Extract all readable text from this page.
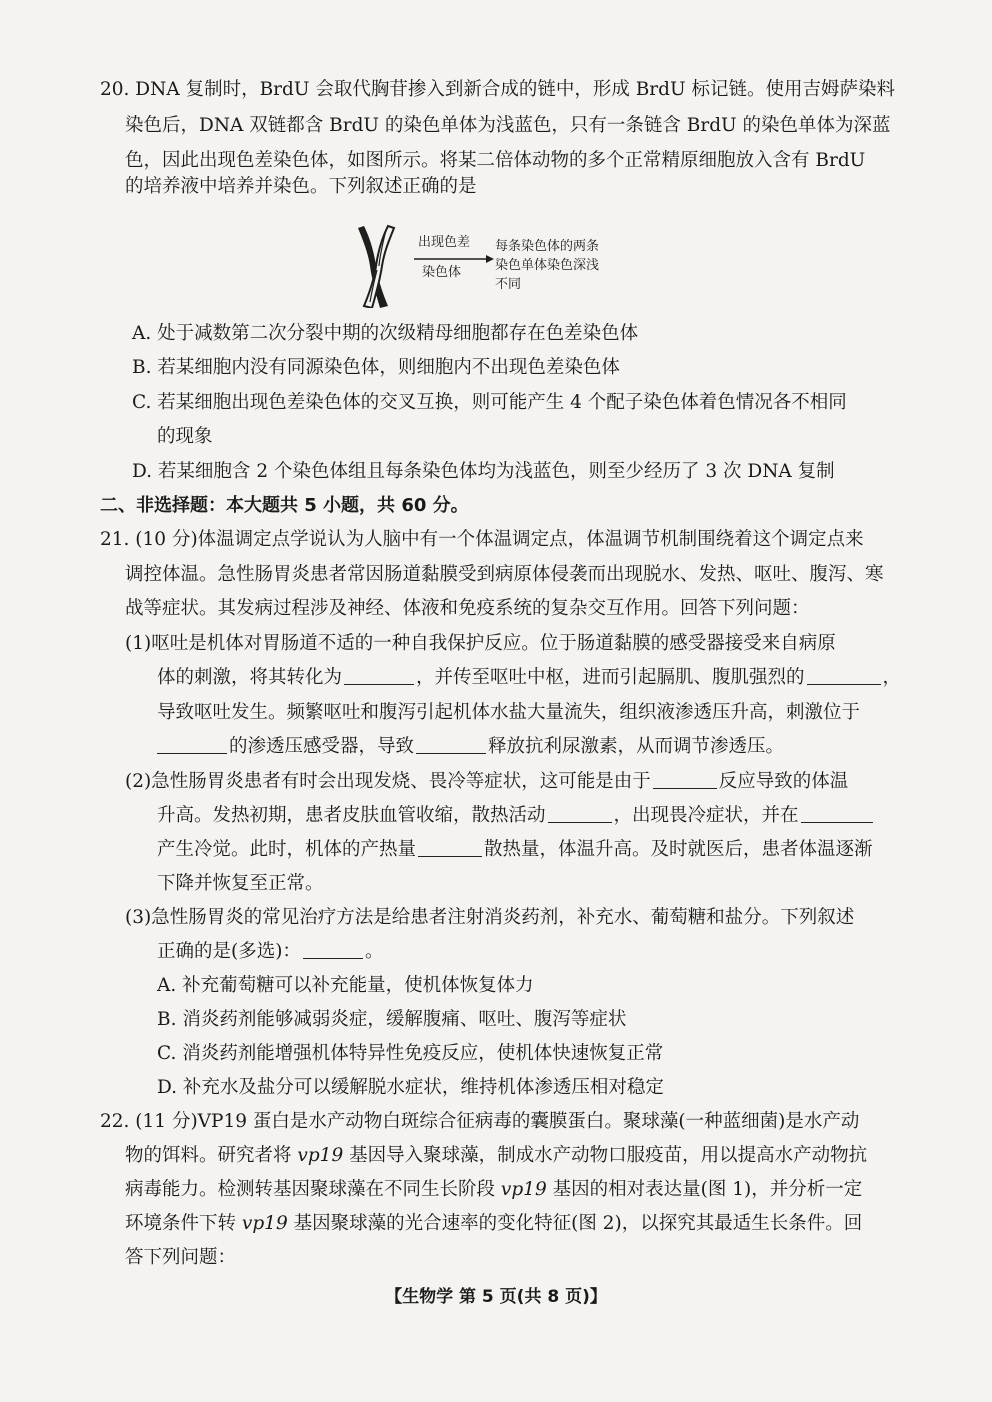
20. DNA 复制时，BrdU 会取代胸苷掺入到新合成的链中，形成 BrdU 标记链。使用吉姆萨染料
染色后，DNA 双链都含 BrdU 的染色单体为浅蓝色，只有一条链含 BrdU 的染色单体为深蓝
色，因此出现色差染色体，如图所示。将某二倍体动物的多个正常精原细胞放入含有 BrdU
的培养液中培养并染色。下列叙述正确的是
出现色差
染色体
每条染色体的两条
染色单体染色深浅
不同
A. 处于减数第二次分裂中期的次级精母细胞都存在色差染色体
B. 若某细胞内没有同源染色体，则细胞内不出现色差染色体
C. 若某细胞出现色差染色体的交叉互换，则可能产生 4 个配子染色体着色情况各不相同
的现象
D. 若某细胞含 2 个染色体组且每条染色体均为浅蓝色，则至少经历了 3 次 DNA 复制
二、非选择题：本大题共 5 小题，共 60 分。
21. (10 分)体温调定点学说认为人脑中有一个体温调定点，体温调节机制围绕着这个调定点来
调控体温。急性肠胃炎患者常因肠道黏膜受到病原体侵袭而出现脱水、发热、呕吐、腹泻、寒
战等症状。其发病过程涉及神经、体液和免疫系统的复杂交互作用。回答下列问题：
(1)呕吐是机体对胃肠道不适的一种自我保护反应。位于肠道黏膜的感受器接受来自病原
体的刺激，将其转化为	，并传至呕吐中枢，进而引起膈肌、腹肌强烈的	，
导致呕吐发生。频繁呕吐和腹泻引起机体水盐大量流失，组织液渗透压升高，刺激位于
的渗透压感受器，导致	释放抗利尿激素，从而调节渗透压。
(2)急性肠胃炎患者有时会出现发烧、畏冷等症状，这可能是由于	反应导致的体温
升高。发热初期，患者皮肤血管收缩，散热活动	，出现畏冷症状，并在
产生冷觉。此时，机体的产热量	散热量，体温升高。及时就医后，患者体温逐渐
下降并恢复至正常。
(3)急性肠胃炎的常见治疗方法是给患者注射消炎药剂，补充水、葡萄糖和盐分。下列叙述
正确的是(多选)：	。
A. 补充葡萄糖可以补充能量，使机体恢复体力
B. 消炎药剂能够减弱炎症，缓解腹痛、呕吐、腹泻等症状
C. 消炎药剂能增强机体特异性免疫反应，使机体快速恢复正常
D. 补充水及盐分可以缓解脱水症状，维持机体渗透压相对稳定
22. (11 分)VP19 蛋白是水产动物白斑综合征病毒的囊膜蛋白。聚球藻(一种蓝细菌)是水产动
物的饵料。研究者将 vp19 基因导入聚球藻，制成水产动物口服疫苗，用以提高水产动物抗
病毒能力。检测转基因聚球藻在不同生长阶段 vp19 基因的相对表达量(图 1)，并分析一定
环境条件下转 vp19 基因聚球藻的光合速率的变化特征(图 2)，以探究其最适生长条件。回
答下列问题：
【生物学 第 5 页(共 8 页)】
